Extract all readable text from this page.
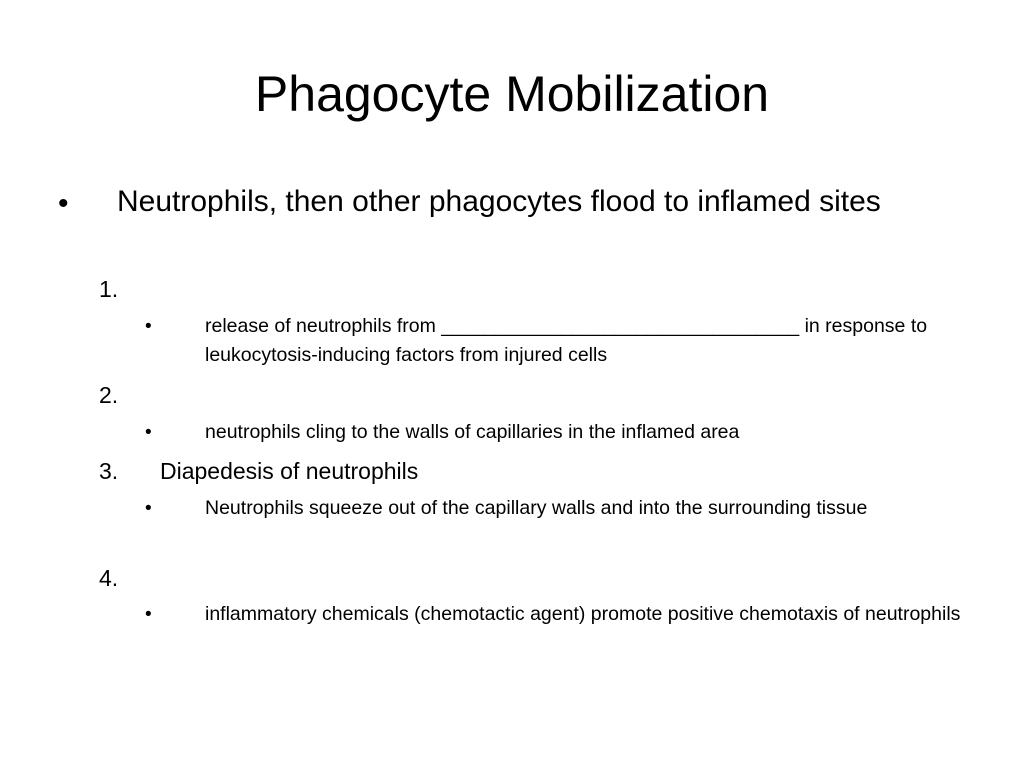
Phagocyte Mobilization
• Neutrophils, then other phagocytes flood to inflamed sites

1.
•	release of neutrophils from _________________________________ in response to leukocytosis-inducing factors from injured cells

2.
•	neutrophils cling to the walls of capillaries in the inflamed area

3. Diapedesis of neutrophils
•	Neutrophils squeeze out of the capillary walls and into the surrounding tissue

4.
•	inflammatory chemicals (chemotactic agent) promote positive chemotaxis of neutrophils
